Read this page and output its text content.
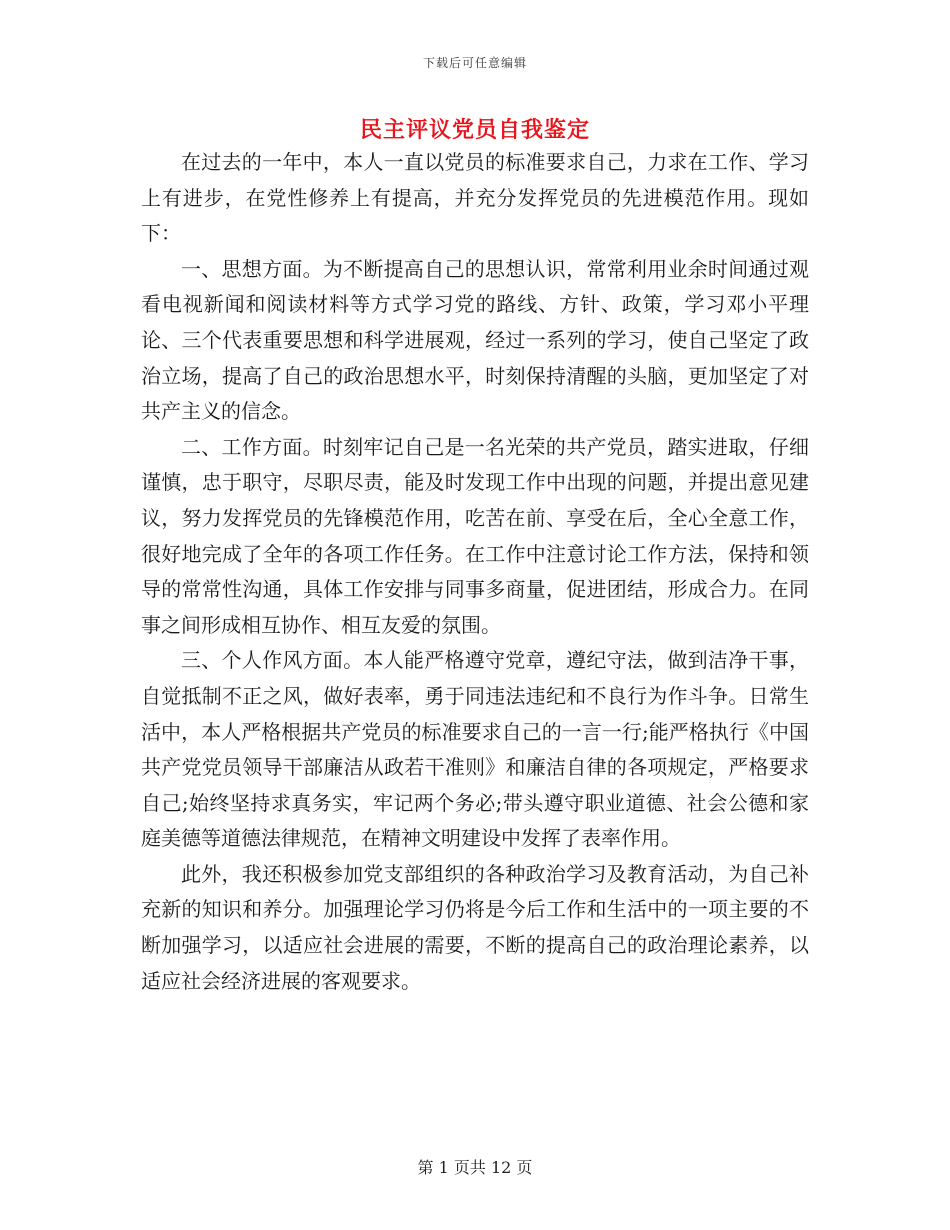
下载后可任意编辑
民主评议党员自我鉴定

在过去的一年中，本人一直以党员的标准要求自己，力求在工作、学习上有进步，在党性修养上有提高，并充分发挥党员的先进模范作用。现如下：

一、思想方面。为不断提高自己的思想认识，常常利用业余时间通过观看电视新闻和阅读材料等方式学习党的路线、方针、政策，学习邓小平理论、三个代表重要思想和科学进展观，经过一系列的学习，使自己坚定了政治立场，提高了自己的政治思想水平，时刻保持清醒的头脑，更加坚定了对共产主义的信念。

二、工作方面。时刻牢记自己是一名光荣的共产党员，踏实进取，仔细谨慎，忠于职守，尽职尽责，能及时发现工作中出现的问题，并提出意见建议，努力发挥党员的先锋模范作用，吃苦在前、享受在后，全心全意工作，很好地完成了全年的各项工作任务。在工作中注意讨论工作方法，保持和领导的常常性沟通，具体工作安排与同事多商量，促进团结，形成合力。在同事之间形成相互协作、相互友爱的氛围。

三、个人作风方面。本人能严格遵守党章，遵纪守法，做到洁净干事，自觉抵制不正之风，做好表率，勇于同违法违纪和不良行为作斗争。日常生活中，本人严格根据共产党员的标准要求自己的一言一行;能严格执行《中国共产党党员领导干部廉洁从政若干准则》和廉洁自律的各项规定，严格要求自己;始终坚持求真务实，牢记两个务必;带头遵守职业道德、社会公德和家庭美德等道德法律规范，在精神文明建设中发挥了表率作用。

此外，我还积极参加党支部组织的各种政治学习及教育活动，为自己补充新的知识和养分。加强理论学习仍将是今后工作和生活中的一项主要的不断加强学习，以适应社会进展的需要，不断的提高自己的政治理论素养，以适应社会经济进展的客观要求。

第 1 页共 12 页
